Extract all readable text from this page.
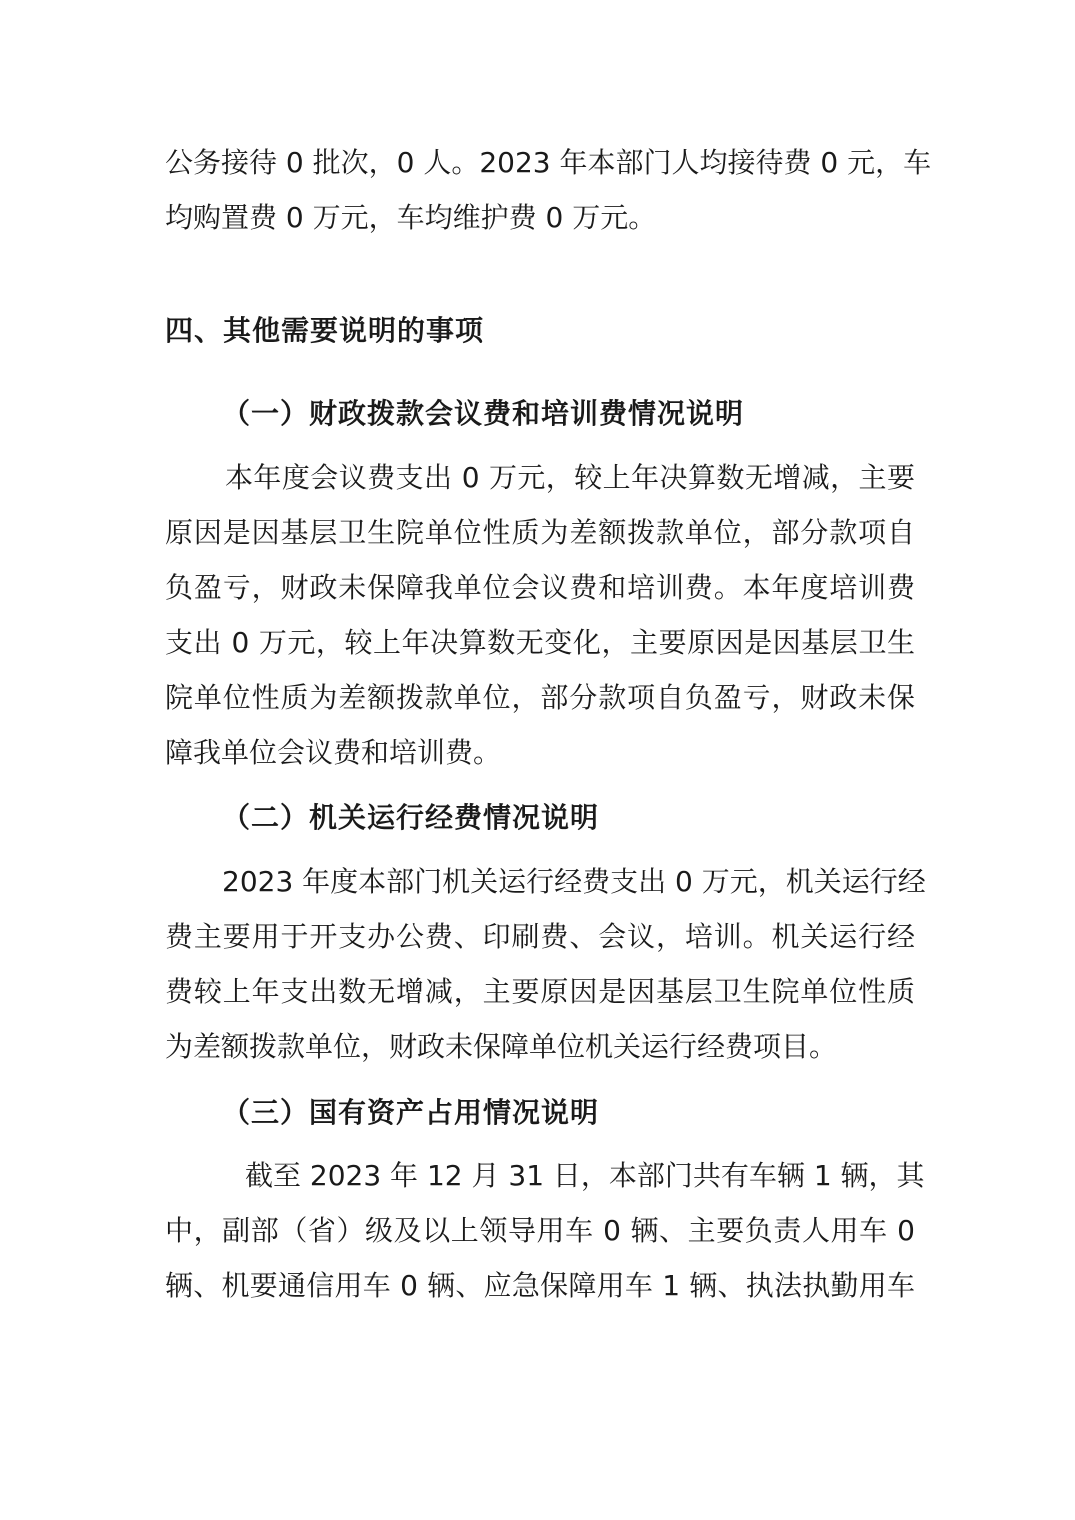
公务接待 0 批次，0 人。2023 年本部门人均接待费 0 元，车
均购置费 0 万元，车均维护费 0 万元。
四、其他需要说明的事项
（一）财政拨款会议费和培训费情况说明
本年度会议费支出 0 万元，较上年决算数无增减，主要
原因是因基层卫生院单位性质为差额拨款单位，部分款项自
负盈亏，财政未保障我单位会议费和培训费。本年度培训费
支出 0 万元，较上年决算数无变化，主要原因是因基层卫生
院单位性质为差额拨款单位，部分款项自负盈亏，财政未保
障我单位会议费和培训费。
（二）机关运行经费情况说明
2023 年度本部门机关运行经费支出 0 万元，机关运行经
费主要用于开支办公费、印刷费、会议，培训。机关运行经
费较上年支出数无增减，主要原因是因基层卫生院单位性质
为差额拨款单位，财政未保障单位机关运行经费项目。
（三）国有资产占用情况说明
截至 2023 年 12 月 31 日，本部门共有车辆 1 辆，其
中，副部（省）级及以上领导用车 0 辆、主要负责人用车 0
辆、机要通信用车 0 辆、应急保障用车 1 辆、执法执勤用车
